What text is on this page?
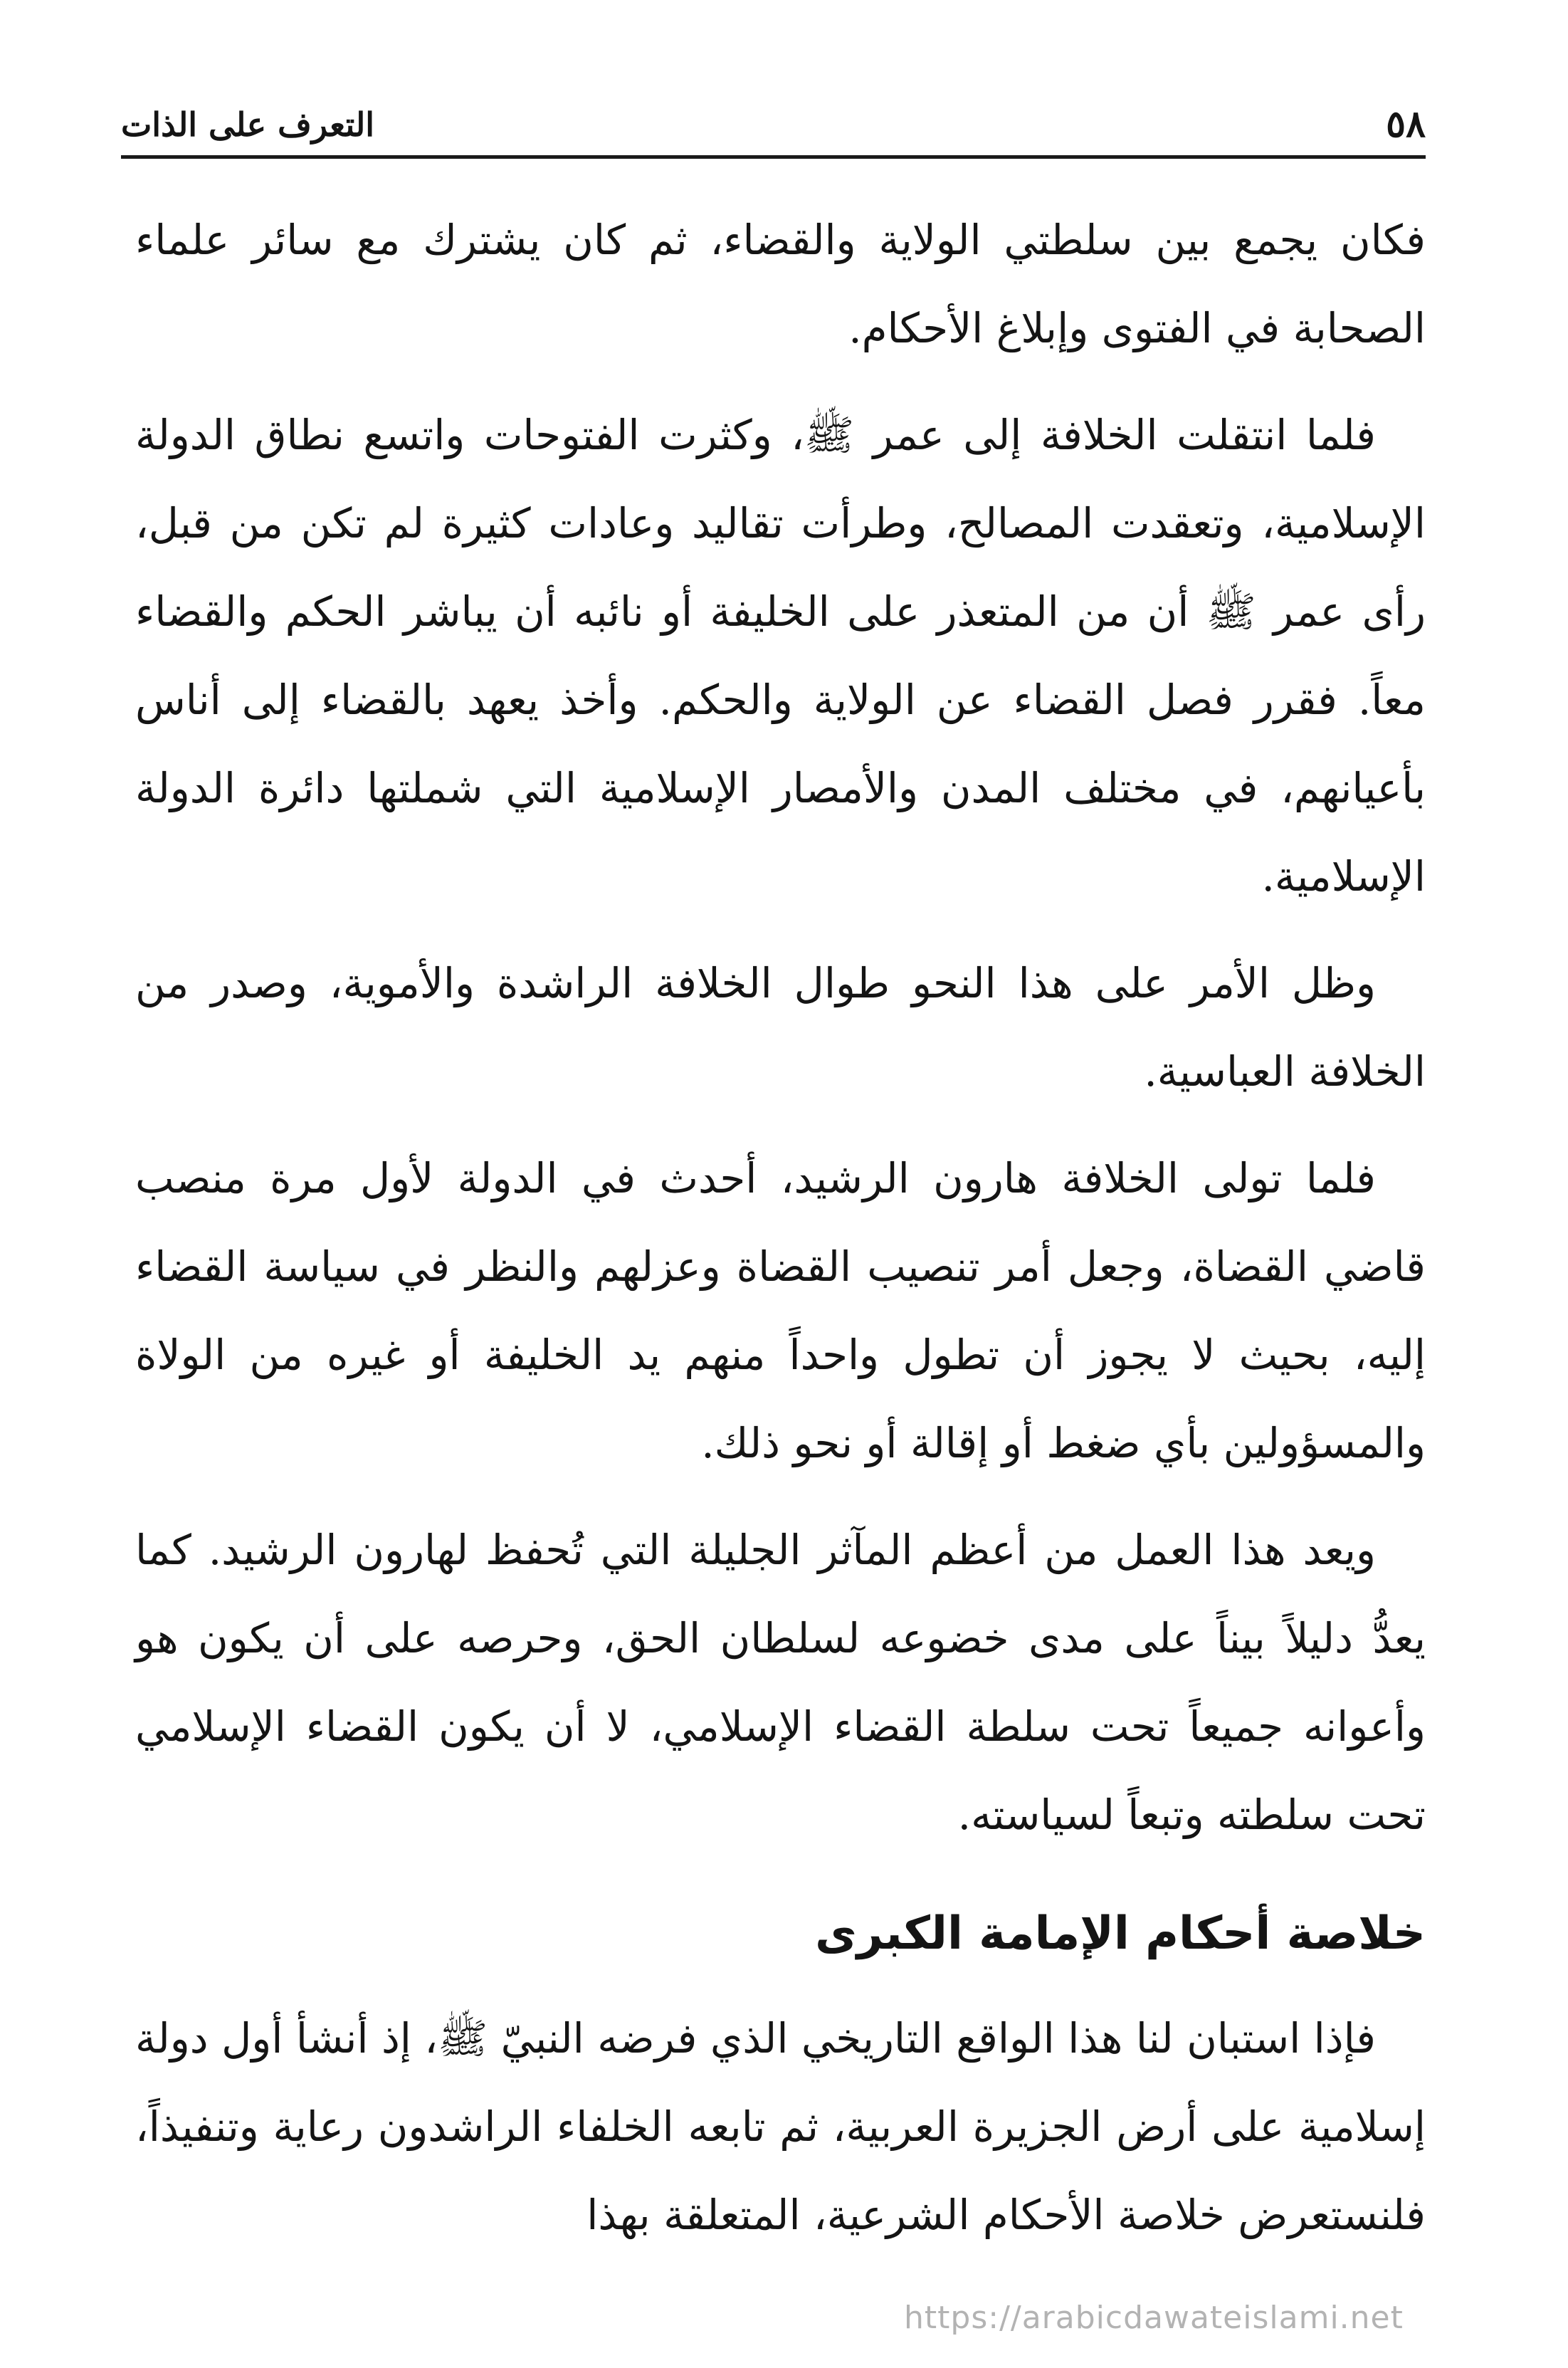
٥٨
التعرف على الذات

فكان يجمع بين سلطتي الولاية والقضاء، ثم كان يشترك مع سائر علماء الصحابة في الفتوى وإبلاغ الأحكام.

فلما انتقلت الخلافة إلى عمر ﷺ، وكثرت الفتوحات واتسع نطاق الدولة الإسلامية، وتعقدت المصالح، وطرأت تقاليد وعادات كثيرة لم تكن من قبل، رأى عمر ﷺ أن من المتعذر على الخليفة أو نائبه أن يباشر الحكم والقضاء معاً. فقرر فصل القضاء عن الولاية والحكم. وأخذ يعهد بالقضاء إلى أناس بأعيانهم، في مختلف المدن والأمصار الإسلامية التي شملتها دائرة الدولة الإسلامية.

وظل الأمر على هذا النحو طوال الخلافة الراشدة والأموية، وصدر من الخلافة العباسية.

فلما تولى الخلافة هارون الرشيد، أحدث في الدولة لأول مرة منصب قاضي القضاة، وجعل أمر تنصيب القضاة وعزلهم والنظر في سياسة القضاء إليه، بحيث لا يجوز أن تطول واحداً منهم يد الخليفة أو غيره من الولاة والمسؤولين بأي ضغط أو إقالة أو نحو ذلك.

ويعد هذا العمل من أعظم المآثر الجليلة التي تُحفظ لهارون الرشيد. كما يعدُّ دليلاً بيناً على مدى خضوعه لسلطان الحق، وحرصه على أن يكون هو وأعوانه جميعاً تحت سلطة القضاء الإسلامي، لا أن يكون القضاء الإسلامي تحت سلطته وتبعاً لسياسته.

خلاصة أحكام الإمامة الكبرى

فإذا استبان لنا هذا الواقع التاريخي الذي فرضه النبيّ ﷺ، إذ أنشأ أول دولة إسلامية على أرض الجزيرة العربية، ثم تابعه الخلفاء الراشدون رعاية وتنفيذاً، فلنستعرض خلاصة الأحكام الشرعية، المتعلقة بهذا

https://arabicdawateislami.net
